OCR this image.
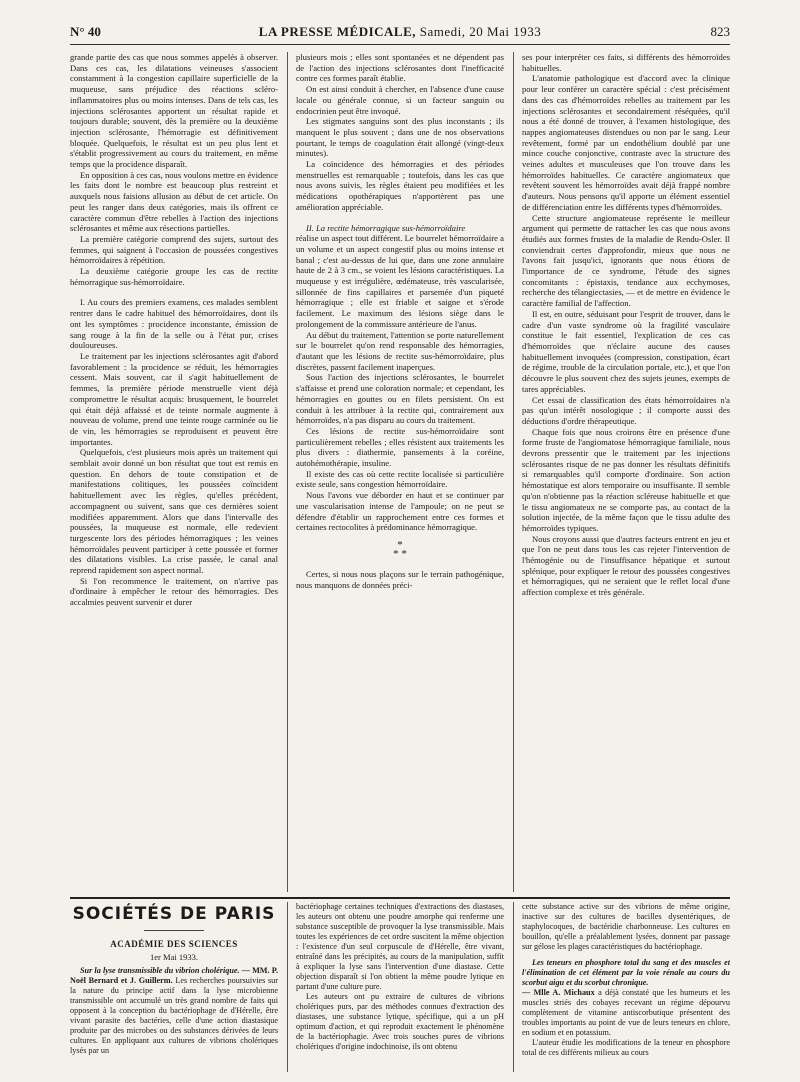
N° 40	LA PRESSE MÉDICALE, Samedi, 20 Mai 1933	823

grande partie des cas que nous sommes appelés à observer. Dans ces cas, les dilatations veineuses s'associent constamment à la congestion capillaire superficielle de la muqueuse, sans préjudice des réactions scléro-inflammatoires plus ou moins intenses. Dans de tels cas, les injections sclérosantes apportent un résultat rapide et toujours durable; souvent, dès la première ou la deuxième injection sclérosante, l'hémorragie est définitivement bloquée. Quelquefois, le résultat est un peu plus lent et s'établit progressivement au cours du traitement, en même temps que la procidence disparaît.

En opposition à ces cas, nous voulons mettre en évidence les faits dont le nombre est beaucoup plus restreint et auxquels nous faisions allusion au début de cet article. On peut les ranger dans deux catégories, mais ils offrent ce caractère commun d'être rebelles à l'action des injections sclérosantes et même aux résections partielles.

La première catégorie comprend des sujets, surtout des femmes, qui saignent à l'occasion de poussées congestives hémorroïdaires à répétition.

La deuxième catégorie groupe les cas de rectite hémorragique sus-hémorroïdaire.

I. Au cours des premiers examens, ces malades semblent rentrer dans le cadre habituel des hémorroïdaires, dont ils ont les symptômes : procidence inconstante, émission de sang rouge à la fin de la selle ou à l'état pur, crises douloureuses.

Le traitement par les injections sclérosantes agit d'abord favorablement : la procidence se réduit, les hémorragies cessent. Mais souvent, car il s'agit habituellement de femmes, la première période menstruelle vient déjà compromettre le résultat acquis: brusquement, le bourrelet qui était déjà affaissé et de teinte normale augmente à nouveau de volume, prend une teinte rouge carminée ou lie de vin, les hémorragies se reproduisent et peuvent être importantes.

Quelquefois, c'est plusieurs mois après un traitement qui semblait avoir donné un bon résultat que tout est remis en question. En dehors de toute constipation et de manifestations colitiques, les poussées coïncident habituellement avec les règles, qu'elles précèdent, accompagnent ou suivent, sans que ces dernières soient modifiées apparemment. Alors que dans l'intervalle des poussées, la muqueuse est normale, elle redevient turgescente lors des périodes hémorragiques ; les veines hémorroïdales peuvent participer à cette poussée et former des dilatations visibles. La crise passée, le canal anal reprend rapidement son aspect normal.

Si l'on recommence le traitement, on n'arrive pas d'ordinaire à empêcher le retour des hémorragies. Des accalmies peuvent survenir et durer

plusieurs mois ; elles sont spontanées et ne dépendent pas de l'action des injections sclérosantes dont l'inefficacité contre ces formes paraît établie.

On est ainsi conduit à chercher, en l'absence d'une cause locale ou générale connue, si un facteur sanguin ou endocrinien peut être invoqué.

Les stigmates sanguins sont des plus inconstants ; ils manquent le plus souvent ; dans une de nos observations pourtant, le temps de coagulation était allongé (vingt-deux minutes).

La coïncidence des hémorragies et des périodes menstruelles est remarquable ; toutefois, dans les cas que nous avons suivis, les règles étaient peu modifiées et les médications opothérapiques n'apportèrent pas une amélioration appréciable.

II. La rectite hémorragique sus-hémorroïdaire

réalise un aspect tout différent. Le bourrelet hémorroïdaire a un volume et un aspect congestif plus ou moins intense et banal ; c'est au-dessus de lui que, dans une zone annulaire haute de 2 à 3 cm., se voient les lésions caractéristiques. La muqueuse y est irrégulière, œdémateuse, très vascularisée, sillonnée de fins capillaires et parsemée d'un piqueté hémorragique ; elle est friable et saigne et s'érode facilement. Le maximum des lésions siège dans le prolongement de la commissure antérieure de l'anus.

Au début du traitement, l'attention se porte naturellement sur le bourrelet qu'on rend responsable des hémorragies, d'autant que les lésions de rectite sus-hémorroïdaire, plus discrètes, passent facilement inaperçues.

Sous l'action des injections sclérosantes, le bourrelet s'affaisse et prend une coloration normale; et cependant, les hémorragies en gouttes ou en filets persistent. On est conduit à les attribuer à la rectite qui, contrairement aux hémorroïdes, n'a pas disparu au cours du traitement.

Ces lésions de rectite sus-hémorroïdaire sont particulièrement rebelles ; elles résistent aux traitements les plus divers : diathermie, pansements à la coréine, autohémothérapie, insuline.

Il existe des cas où cette rectite localisée si particulière existe seule, sans congestion hémorroïdaire.

Nous l'avons vue déborder en haut et se continuer par une vascularisation intense de l'ampoule; on ne peut se défendre d'établir un rapprochement entre ces formes et certaines rectocolites à prédominance hémorragique.

*
* *

Certes, si nous nous plaçons sur le terrain pathogénique, nous manquons de données préci-

ses pour interpréter ces faits, si différents des hémorroïdes habituelles.

L'anatomie pathologique est d'accord avec la clinique pour leur conférer un caractère spécial : c'est précisément dans des cas d'hémorroïdes rebelles au traitement par les injections sclérosantes et secondairement réséquées, qu'il nous a été donné de trouver, à l'examen histologique, des nappes angiomateuses distendues ou non par le sang. Leur revêtement, formé par un endothélium doublé par une mince couche conjonctive, contraste avec la structure des veines adultes et musculeuses que l'on trouve dans les hémorroïdes habituelles. Ce caractère angiomateux que revêtent souvent les hémorroïdes avait déjà frappé nombre d'auteurs. Nous pensons qu'il apporte un élément essentiel de différenciation entre les différents types d'hémorroïdes.

Cette structure angiomateuse représente le meilleur argument qui permette de rattacher les cas que nous avons étudiés aux formes frustes de la maladie de Rendu-Osler. Il conviendrait certes d'approfondir, mieux que nous ne l'avons fait jusqu'ici, ignorants que nous étions de l'importance de ce syndrome, l'étude des signes concomitants : épistaxis, tendance aux ecchymoses, recherche des télangiectasies, — et de mettre en évidence le caractère familial de l'affection.

Il est, en outre, séduisant pour l'esprit de trouver, dans le cadre d'un vaste syndrome où la fragilité vasculaire constitue le fait essentiel, l'explication de ces cas d'hémorroïdes que n'éclaire aucune des causes habituellement invoquées (compression, constipation, écart de régime, trouble de la circulation portale, etc.), et que l'on découvre le plus souvent chez des sujets jeunes, exempts de tares appréciables.

Cet essai de classification des états hémorroïdaires n'a pas qu'un intérêt nosologique ; il comporte aussi des déductions d'ordre thérapeutique.

Chaque fois que nous croirons être en présence d'une forme fruste de l'angiomatose hémorragique familiale, nous devrons pressentir que le traitement par les injections sclérosantes risque de ne pas donner les résultats définitifs si remarquables qu'il comporte d'ordinaire. Son action hémostatique est alors temporaire ou insuffisante. Il semble qu'on n'obtienne pas la réaction scléreuse habituelle et que le tissu angiomateux ne se comporte pas, au contact de la solution injectée, de la même façon que le tissu adulte des hémorroïdes typiques.

Nous croyons aussi que d'autres facteurs entrent en jeu et que l'on ne peut dans tous les cas rejeter l'intervention de l'hémogénie ou de l'insuffisance hépatique et surtout splénique, pour expliquer le retour des poussées congestives et hémorragiques, qui ne seraient que le reflet local d'une affection complexe et très générale.

SOCIÉTÉS DE PARIS
ACADÉMIE DES SCIENCES
1er Mai 1933.

Sur la lyse transmissible du vibrion cholérique. — MM. P. Noël Bernard et J. Guillerm. Les recherches poursuivies sur la nature du principe actif dans la lyse microbienne transmissible ont accumulé un très grand nombre de faits qui opposent à la conception du bactériophage de d'Hérelle, être vivant parasite des bactéries, celle d'une action diastasique produite par des microbes ou des substances dérivées de leurs cultures. En appliquant aux cultures de vibrions cholériques lysés par un

bactériophage certaines techniques d'extractions des diastases, les auteurs ont obtenu une poudre amorphe qui renferme une substance susceptible de provoquer la lyse transmissible. Mais toutes les expériences de cet ordre suscitent la même objection : l'existence d'un seul corpuscule de d'Hérelle, être vivant, entraîné dans les précipités, au cours de la manipulation, suffit à expliquer la lyse sans l'intervention d'une diastase. Cette objection disparaît si l'on obtient la même poudre lytique en partant d'une culture pure.

Les auteurs ont pu extraire de cultures de vibrions cholériques purs, par des méthodes connues d'extraction des diastases, une substance lytique, spécifique, qui a un pH optimum d'action, et qui reproduit exactement le phénomène de la bactériophagie. Avec trois souches pures de vibrions cholériques d'origine indochinoise, ils ont obtenu

cette substance active sur des vibrions de même origine, inactive sur des cultures de bacilles dysentériques, de staphylocoques, de bactéridie charbonneuse. Les cultures en bouillon, qu'elle a préalablement lysées, donnent par passage sur gélose les plages caractéristiques du bactériophage.

Les teneurs en phosphore total du sang et des muscles et l'élimination de cet élément par la voie rénale au cours du scorbut aigu et du scorbut chronique.

— Mlle A. Michaux a déjà constaté que les humeurs et les muscles striés des cobayes recevant un régime dépourvu complètement de vitamine antiscorbutique présentent des troubles importants au point de vue de leurs teneurs en chlore, en sodium et en potassium.

L'auteur étudie les modifications de la teneur en phosphore total de ces différents milieux au cours
